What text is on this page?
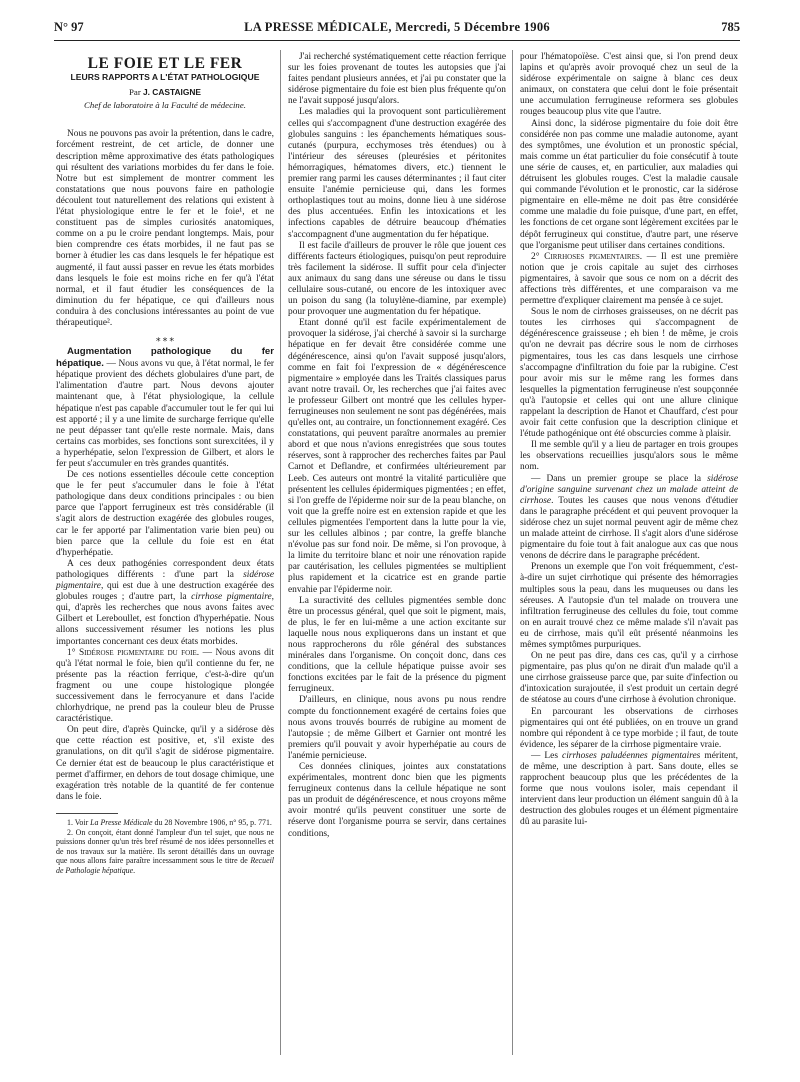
N° 97	LA PRESSE MÉDICALE, Mercredi, 5 Décembre 1906	785
LE FOIE ET LE FER
LEURS RAPPORTS A L'ÉTAT PATHOLOGIQUE
Par J. CASTAIGNE
Chef de laboratoire à la Faculté de médecine.

Nous ne pouvons pas avoir la prétention, dans le cadre, forcément restreint, de cet article, de donner une description même approximative des états pathologiques qui résultent des variations morbides du fer dans le foie. Notre but est simplement de montrer comment les constatations que nous pouvons faire en pathologie découlent tout naturellement des relations qui existent à l'état physiologique entre le fer et le foie¹, et ne constituent pas de simples curiosités anatomiques, comme on a pu le croire pendant longtemps. Mais, pour bien comprendre ces états morbides, il ne faut pas se borner à étudier les cas dans lesquels le fer hépatique est augmenté, il faut aussi passer en revue les états morbides dans lesquels le foie est moins riche en fer qu'à l'état normal, et il faut étudier les conséquences de la diminution du fer hépatique, ce qui d'ailleurs nous conduira à des conclusions intéressantes au point de vue thérapeutique².

⁎ ⁎ ⁎

Augmentation pathologique du fer hépatique. — Nous avons vu que, à l'état normal, le fer hépatique provient des déchets globulaires d'une part, de l'alimentation d'autre part. Nous devons ajouter maintenant que, à l'état physiologique, la cellule hépatique n'est pas capable d'accumuler tout le fer qui lui est apporté ; il y a une limite de surcharge ferrique qu'elle ne peut dépasser tant qu'elle reste normale. Mais, dans certains cas morbides, ses fonctions sont surexcitées, il y a hyperhépatie, selon l'expression de Gilbert, et alors le fer peut s'accumuler en très grandes quantités.

De ces notions essentielles découle cette conception que le fer peut s'accumuler dans le foie à l'état pathologique dans deux conditions principales : ou bien parce que l'apport ferrugineux est très considérable (il s'agit alors de destruction exagérée des globules rouges, car le fer apporté par l'alimentation varie bien peu) ou bien parce que la cellule du foie est en état d'hyperhépatie.

A ces deux pathogénies correspondent deux états pathologiques différents : d'une part la sidérose pigmentaire, qui est due à une destruction exagérée des globules rouges ; d'autre part, la cirrhose pigmentaire, qui, d'après les recherches que nous avons faites avec Gilbert et Lereboullet, est fonction d'hyperhépatie. Nous allons successivement résumer les notions les plus importantes concernant ces deux états morbides.

1° Sidérose pigmentaire du foie. — Nous avons dit qu'à l'état normal le foie, bien qu'il contienne du fer, ne présente pas la réaction ferrique, c'est-à-dire qu'un fragment ou une coupe histologique plongée successivement dans le ferrocyanure et dans l'acide chlorhydrique, ne prend pas la couleur bleu de Prusse caractéristique.

On peut dire, d'après Quincke, qu'il y a sidérose dès que cette réaction est positive, et, s'il existe des granulations, on dit qu'il s'agit de sidérose pigmentaire. Ce dernier état est de beaucoup le plus caractéristique et permet d'affirmer, en dehors de tout dosage chimique, une exagération très notable de la quantité de fer contenue dans le foie.

1. Voir La Presse Médicale du 28 Novembre 1906, n° 95, p. 771.

2. On conçoit, étant donné l'ampleur d'un tel sujet, que nous ne puissions donner qu'un très bref résumé de nos idées personnelles et de nos travaux sur la matière. Ils seront détaillés dans un ouvrage que nous allons faire paraître incessamment sous le titre de Recueil de Pathologie hépatique.

J'ai recherché systématiquement cette réaction ferrique sur les foies provenant de toutes les autopsies que j'ai faites pendant plusieurs années, et j'ai pu constater que la sidérose pigmentaire du foie est bien plus fréquente qu'on ne l'avait supposé jusqu'alors.

Les maladies qui la provoquent sont particulièrement celles qui s'accompagnent d'une destruction exagérée des globules sanguins : les épanchements hématiques sous-cutanés (purpura, ecchymoses très étendues) ou à l'intérieur des séreuses (pleurésies et péritonites hémorragiques, hématomes divers, etc.) tiennent le premier rang parmi les causes déterminantes ; il faut citer ensuite l'anémie pernicieuse qui, dans les formes orthoplastiques tout au moins, donne lieu à une sidérose des plus accentuées. Enfin les intoxications et les infections capables de détruire beaucoup d'hématies s'accompagnent d'une augmentation du fer hépatique.

Il est facile d'ailleurs de prouver le rôle que jouent ces différents facteurs étiologiques, puisqu'on peut reproduire très facilement la sidérose. Il suffit pour cela d'injecter aux animaux du sang dans une séreuse ou dans le tissu cellulaire sous-cutané, ou encore de les intoxiquer avec un poison du sang (la toluylène-diamine, par exemple) pour provoquer une augmentation du fer hépatique.

Etant donné qu'il est facile expérimentalement de provoquer la sidérose, j'ai cherché à savoir si la surcharge hépatique en fer devait être considérée comme une dégénérescence, ainsi qu'on l'avait supposé jusqu'alors, comme en fait foi l'expression de « dégénérescence pigmentaire » employée dans les Traités classiques parus avant notre travail. Or, les recherches que j'ai faites avec le professeur Gilbert ont montré que les cellules hyper-ferrugineuses non seulement ne sont pas dégénérées, mais qu'elles ont, au contraire, un fonctionnement exagéré. Ces constatations, qui peuvent paraître anormales au premier abord et que nous n'avions enregistrées que sous toutes réserves, sont à rapprocher des recherches faites par Paul Carnot et Deflandre, et confirmées ultérieurement par Leeb. Ces auteurs ont montré la vitalité particulière que présentent les cellules épidermiques pigmentées ; en effet, si l'on greffe de l'épiderme noir sur de la peau blanche, on voit que la greffe noire est en extension rapide et que les cellules pigmentées l'emportent dans la lutte pour la vie, sur les cellules albinos ; par contre, la greffe blanche n'évolue pas sur fond noir. De même, si l'on provoque, à la limite du territoire blanc et noir une rénovation rapide par cautérisation, les cellules pigmentées se multiplient plus rapidement et la cicatrice est en grande partie envahie par l'épiderme noir.

La suractivité des cellules pigmentées semble donc être un processus général, quel que soit le pigment, mais, de plus, le fer en lui-même a une action excitante sur laquelle nous nous expliquerons dans un instant et que nous rapprocherons du rôle général des substances minérales dans l'organisme. On conçoit donc, dans ces conditions, que la cellule hépatique puisse avoir ses fonctions excitées par le fait de la présence du pigment ferrugineux.

D'ailleurs, en clinique, nous avons pu nous rendre compte du fonctionnement exagéré de certains foies que nous avons trouvés bourrés de rubigine au moment de l'autopsie ; de même Gilbert et Garnier ont montré les premiers qu'il pouvait y avoir hyperhépatie au cours de l'anémie pernicieuse.

Ces données cliniques, jointes aux constatations expérimentales, montrent donc bien que les pigments ferrugineux contenus dans la cellule hépatique ne sont pas un produit de dégénérescence, et nous croyons même avoir montré qu'ils peuvent constituer une sorte de réserve dont l'organisme pourra se servir, dans certaines conditions,

pour l'hématopoïèse. C'est ainsi que, si l'on prend deux lapins et qu'après avoir provoqué chez un seul de la sidérose expérimentale on saigne à blanc ces deux animaux, on constatera que celui dont le foie présentait une accumulation ferrugineuse reformera ses globules rouges beaucoup plus vite que l'autre.

Ainsi donc, la sidérose pigmentaire du foie doit être considérée non pas comme une maladie autonome, ayant des symptômes, une évolution et un pronostic spécial, mais comme un état particulier du foie consécutif à toute une série de causes, et, en particulier, aux maladies qui détruisent les globules rouges. C'est la maladie causale qui commande l'évolution et le pronostic, car la sidérose pigmentaire en elle-même ne doit pas être considérée comme une maladie du foie puisque, d'une part, en effet, les fonctions de cet organe sont légèrement excitées par le dépôt ferrugineux qui constitue, d'autre part, une réserve que l'organisme peut utiliser dans certaines conditions.

2° Cirrhoses pigmentaires. — Il est une première notion que je crois capitale au sujet des cirrhoses pigmentaires, à savoir que sous ce nom on a décrit des affections très différentes, et une comparaison va me permettre d'expliquer clairement ma pensée à ce sujet.

Sous le nom de cirrhoses graisseuses, on ne décrit pas toutes les cirrhoses qui s'accompagnent de dégénérescence graisseuse ; eh bien ! de même, je crois qu'on ne devrait pas décrire sous le nom de cirrhoses pigmentaires, tous les cas dans lesquels une cirrhose s'accompagne d'infiltration du foie par la rubigine. C'est pour avoir mis sur le même rang les formes dans lesquelles la pigmentation ferrugineuse n'est soupçonnée qu'à l'autopsie et celles qui ont une allure clinique rappelant la description de Hanot et Chauffard, c'est pour avoir fait cette confusion que la description clinique et l'étude pathogénique ont été obscurcies comme à plaisir.

Il me semble qu'il y a lieu de partager en trois groupes les observations recueillies jusqu'alors sous le même nom.

— Dans un premier groupe se place la sidérose d'origine sanguine survenant chez un malade atteint de cirrhose. Toutes les causes que nous venons d'étudier dans le paragraphe précédent et qui peuvent provoquer la sidérose chez un sujet normal peuvent agir de même chez un malade atteint de cirrhose. Il s'agit alors d'une sidérose pigmentaire du foie tout à fait analogue aux cas que nous venons de décrire dans le paragraphe précédent.

Prenons un exemple que l'on voit fréquemment, c'est-à-dire un sujet cirrhotique qui présente des hémorragies multiples sous la peau, dans les muqueuses ou dans les séreuses. A l'autopsie d'un tel malade on trouvera une infiltration ferrugineuse des cellules du foie, tout comme on en aurait trouvé chez ce même malade s'il n'avait pas eu de cirrhose, mais qu'il eût présenté néanmoins les mêmes symptômes purpuriques.

On ne peut pas dire, dans ces cas, qu'il y a cirrhose pigmentaire, pas plus qu'on ne dirait d'un malade qu'il a une cirrhose graisseuse parce que, par suite d'infection ou d'intoxication surajoutée, il s'est produit un certain degré de stéatose au cours d'une cirrhose à évolution chronique.

En parcourant les observations de cirrhoses pigmentaires qui ont été publiées, on en trouve un grand nombre qui répondent à ce type morbide ; il faut, de toute évidence, les séparer de la cirrhose pigmentaire vraie.

— Les cirrhoses paludéennes pigmentaires méritent, de même, une description à part. Sans doute, elles se rapprochent beaucoup plus que les précédentes de la forme que nous voulons isoler, mais cependant il intervient dans leur production un élément sanguin dû à la destruction des globules rouges et un élément pigmentaire dû au parasite lui-
